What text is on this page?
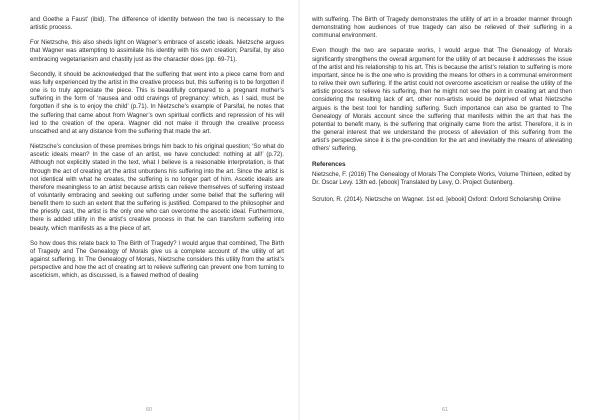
and Goethe a Faust’ (ibid). The difference of identity between the two is necessary to the artistic process.

For Nietzsche, this also sheds light on Wagner’s embrace of ascetic ideals. Nietzsche argues that Wagner was attempting to assimilate his identity with his own creation; Parsifal, by also embracing vegetarianism and chastity just as the character does (pp. 69-71).

Secondly, it should be acknowledged that the suffering that went into a piece came from and was fully experienced by the artist in the creative process but, this suffering is to be forgotten if one is to truly appreciate the piece. This is beautifully compared to a pregnant mother’s suffering in the form of ‘nausea and odd cravings of pregnancy: which, as I said, must be forgotten if she is to enjoy the child’ (p.71). In Nietzsche’s example of Parsifal, he notes that the suffering that came about from Wagner’s own spiritual conflicts and repression of his will led to the creation of the opera. Wagner did not make it through the creative process unscathed and at any distance from the suffering that made the art.

Nietzsche’s conclusion of these premises brings him back to his original question; ‘So what do ascetic ideals mean? In the case of an artist, we have concluded: nothing at all!’ (p.72). Although not explicitly stated in the text, what I believe is a reasonable interpretation, is that through the act of creating art the artist unburdens his suffering into the art. Since the artist is not identical with what he creates, the suffering is no longer part of him. Ascetic ideals are therefore meaningless to an artist because artists can relieve themselves of suffering instead of voluntarily embracing and seeking out suffering under some belief that the suffering will benefit them to such an extent that the suffering is justified. Compared to the philosopher and the priestly cast, the artist is the only one who can overcome the ascetic ideal. Furthermore, there is added utility in the artist’s creative process in that he can transform suffering into beauty, which manifests as a the piece of art.

So how does this relate back to The Birth of Tragedy? I would argue that combined, The Birth of Tragedy and The Genealogy of Morals give us a complete account of the utility of art against suffering. In The Genealogy of Morals, Nietzsche considers this utility from the artist’s perspective and how the act of creating art to relieve suffering can prevent one from turning to asceticism, which, as discussed, is a flawed method of dealing

60

with suffering. The Birth of Tragedy demonstrates the utility of art in a broader manner through demonstrating how audiences of true tragedy can also be relieved of their suffering in a communal environment.

Even though the two are separate works, I would argue that The Genealogy of Morals significantly strengthens the overall argument for the utility of art because it addresses the issue of the artist and his relationship to his art. This is because the artist’s relation to suffering is more important, since he is the one who is providing the means for others in a communal environment to relive their own suffering. If the artist could not overcome asceticism or realise the utility of the artistic process to relieve his suffering, then he might not see the point in creating art and then considering the resulting lack of art, other non-artists would be deprived of what Nietzsche argues is the best tool for handling suffering. Such importance can also be granted to The Genealogy of Morals account since the suffering that manifests within the art that has the potential to benefit many, is the suffering that originally came from the artist. Therefore, it is in the general interest that we understand the process of alleviation of this suffering from the artist’s perspective since it is the pre-condition for the art and inevitably the means of alleviating others’ suffering.

References
Nietzsche, F. (2016) The Genealogy of Morals The Complete Works, Volume Thirteen, edited by Dr. Oscar Levy. 13th ed. [ebook] Translated by Levy, O. Project Gutenberg.
Scruton, R. (2014). Nietzsche on Wagner. 1st ed. [ebook] Oxford: Oxford Scholarship Online
61
